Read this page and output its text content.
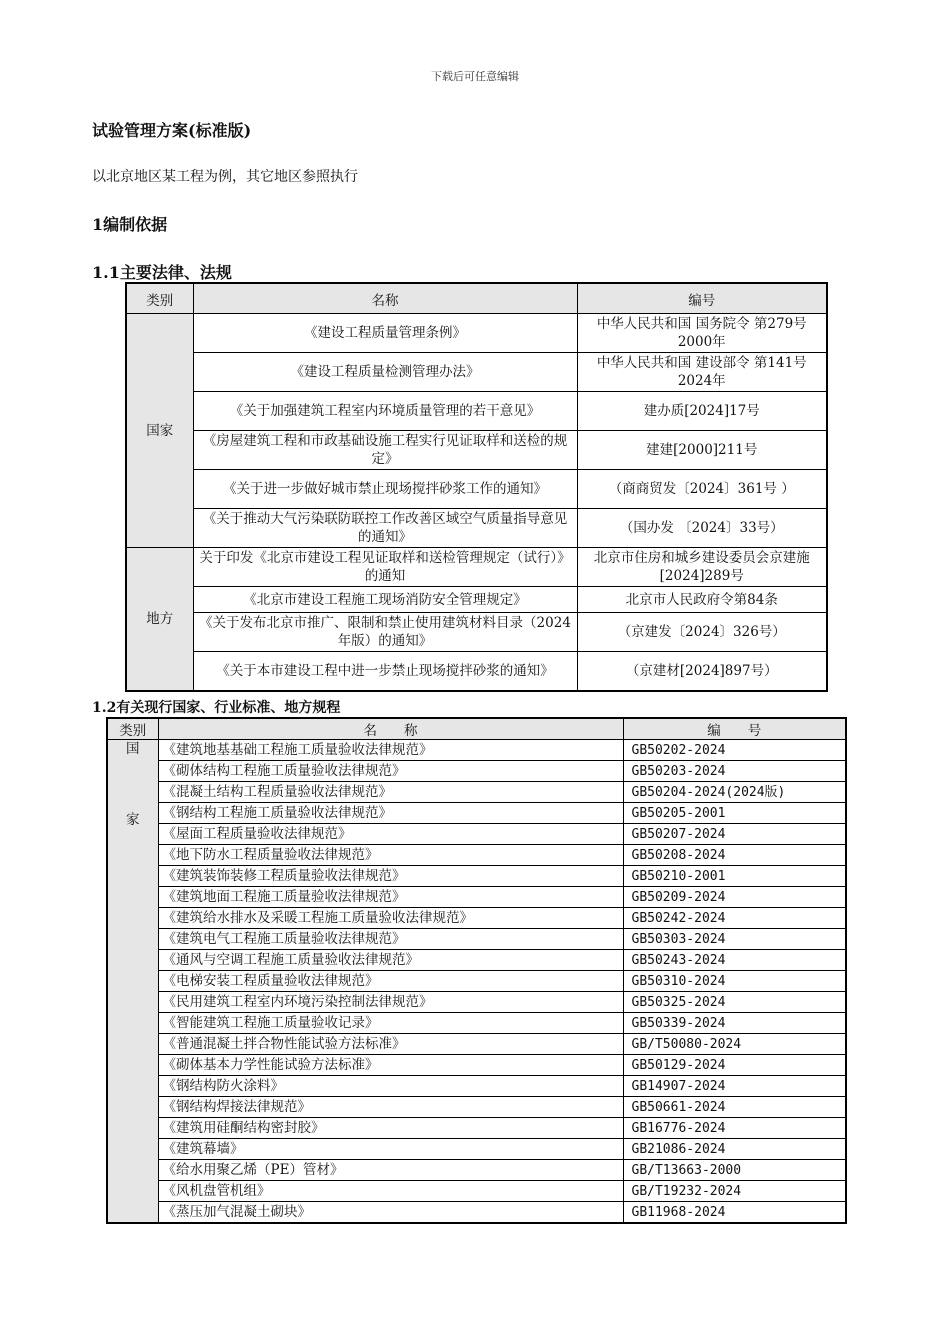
下载后可任意编辑
试验管理方案(标准版)
以北京地区某工程为例，其它地区参照执行
1编制依据
1.1主要法律、法规
类别	名称	编号
国家	《建设工程质量管理条例》	中华人民共和国 国务院令 第279号　2000年
	《建设工程质量检测管理办法》	中华人民共和国 建设部令 第141号　2024年
	《关于加强建筑工程室内环境质量管理的若干意见》	建办质[2024]17号
	《房屋建筑工程和市政基础设施工程实行见证取样和送检的规定》	建建[2000]211号
	《关于进一步做好城市禁止现场搅拌砂浆工作的通知》	（商商贸发〔2024〕361号 ）
	《关于推动大气污染联防联控工作改善区域空气质量指导意见的通知》	（国办发 〔2024〕33号）
地方	关于印发《北京市建设工程见证取样和送检管理规定（试行）》的通知	北京市住房和城乡建设委员会京建施[2024]289号
	《北京市建设工程施工现场消防安全管理规定》	北京市人民政府令第84条
	《关于发布北京市推广、限制和禁止使用建筑材料目录（2024年版）的通知》	（京建发〔2024〕326号）
	《关于本市建设工程中进一步禁止现场搅拌砂浆的通知》	（京建材[2024]897号）
1.2有关现行国家、行业标准、地方规程
类别	名　　称	编　　号

国
家	《建筑地基基础工程施工质量验收法律规范》	GB50202-2024
	《砌体结构工程施工质量验收法律规范》	GB50203-2024
	《混凝土结构工程质量验收法律规范》	GB50204-2024(2024版)
	《钢结构工程施工质量验收法律规范》	GB50205-2001
	《屋面工程质量验收法律规范》	GB50207-2024
	《地下防水工程质量验收法律规范》	GB50208-2024
	《建筑装饰装修工程质量验收法律规范》	GB50210-2001
	《建筑地面工程施工质量验收法律规范》	GB50209-2024
	《建筑给水排水及采暖工程施工质量验收法律规范》	GB50242-2024
	《建筑电气工程施工质量验收法律规范》	GB50303-2024
	《通风与空调工程施工质量验收法律规范》	GB50243-2024
	《电梯安装工程质量验收法律规范》	GB50310-2024
	《民用建筑工程室内环境污染控制法律规范》	GB50325-2024
	《智能建筑工程施工质量验收记录》	GB50339-2024
	《普通混凝土拌合物性能试验方法标准》	GB/T50080-2024
	《砌体基本力学性能试验方法标准》	GB50129-2024
	《钢结构防火涂料》	GB14907-2024
	《钢结构焊接法律规范》	GB50661-2024
	《建筑用硅酮结构密封胶》	GB16776-2024
	《建筑幕墙》	GB21086-2024
	《给水用聚乙烯（PE）管材》	GB/T13663-2000
	《风机盘管机组》	GB/T19232-2024
	《蒸压加气混凝土砌块》	GB11968-2024
